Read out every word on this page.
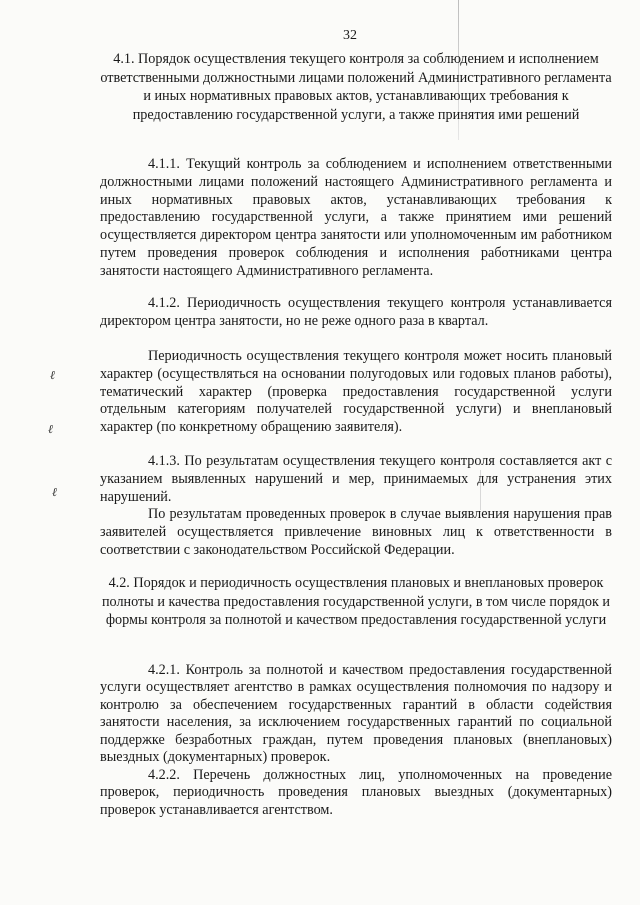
32
4.1. Порядок осуществления текущего контроля за соблюдением и исполнением ответственными должностными лицами положений Административного регламента и иных нормативных правовых актов, устанавливающих требования к предоставлению государственной услуги, а также принятия ими решений
4.1.1. Текущий контроль за соблюдением и исполнением ответственными должностными лицами положений настоящего Административного регламента и иных нормативных правовых актов, устанавливающих требования к предоставлению государственной услуги, а также принятием ими решений осуществляется директором центра занятости или уполномоченным им работником путем проведения проверок соблюдения и исполнения работниками центра занятости настоящего Административного регламента.
4.1.2. Периодичность осуществления текущего контроля устанавливается директором центра занятости, но не реже одного раза в квартал.
Периодичность осуществления текущего контроля может носить плановый характер (осуществляться на основании полугодовых или годовых планов работы), тематический характер (проверка предоставления государственной услуги отдельным категориям получателей государственной услуги) и внеплановый характер (по конкретному обращению заявителя).
4.1.3. По результатам осуществления текущего контроля составляется акт с указанием выявленных нарушений и мер, принимаемых для устранения этих нарушений.
По результатам проведенных проверок в случае выявления нарушения прав заявителей осуществляется привлечение виновных лиц к ответственности в соответствии с законодательством Российской Федерации.
4.2. Порядок и периодичность осуществления плановых и внеплановых проверок полноты и качества предоставления государственной услуги, в том числе порядок и формы контроля за полнотой и качеством предоставления государственной услуги
4.2.1. Контроль за полнотой и качеством предоставления государственной услуги осуществляет агентство в рамках осуществления полномочия по надзору и контролю за обеспечением государственных гарантий в области содействия занятости населения, за исключением государственных гарантий по социальной поддержке безработных граждан, путем проведения плановых (внеплановых) выездных (документарных) проверок.
4.2.2. Перечень должностных лиц, уполномоченных на проведение проверок, периодичность проведения плановых выездных (документарных) проверок устанавливается агентством.
ℓ
ℓ
ℓ
